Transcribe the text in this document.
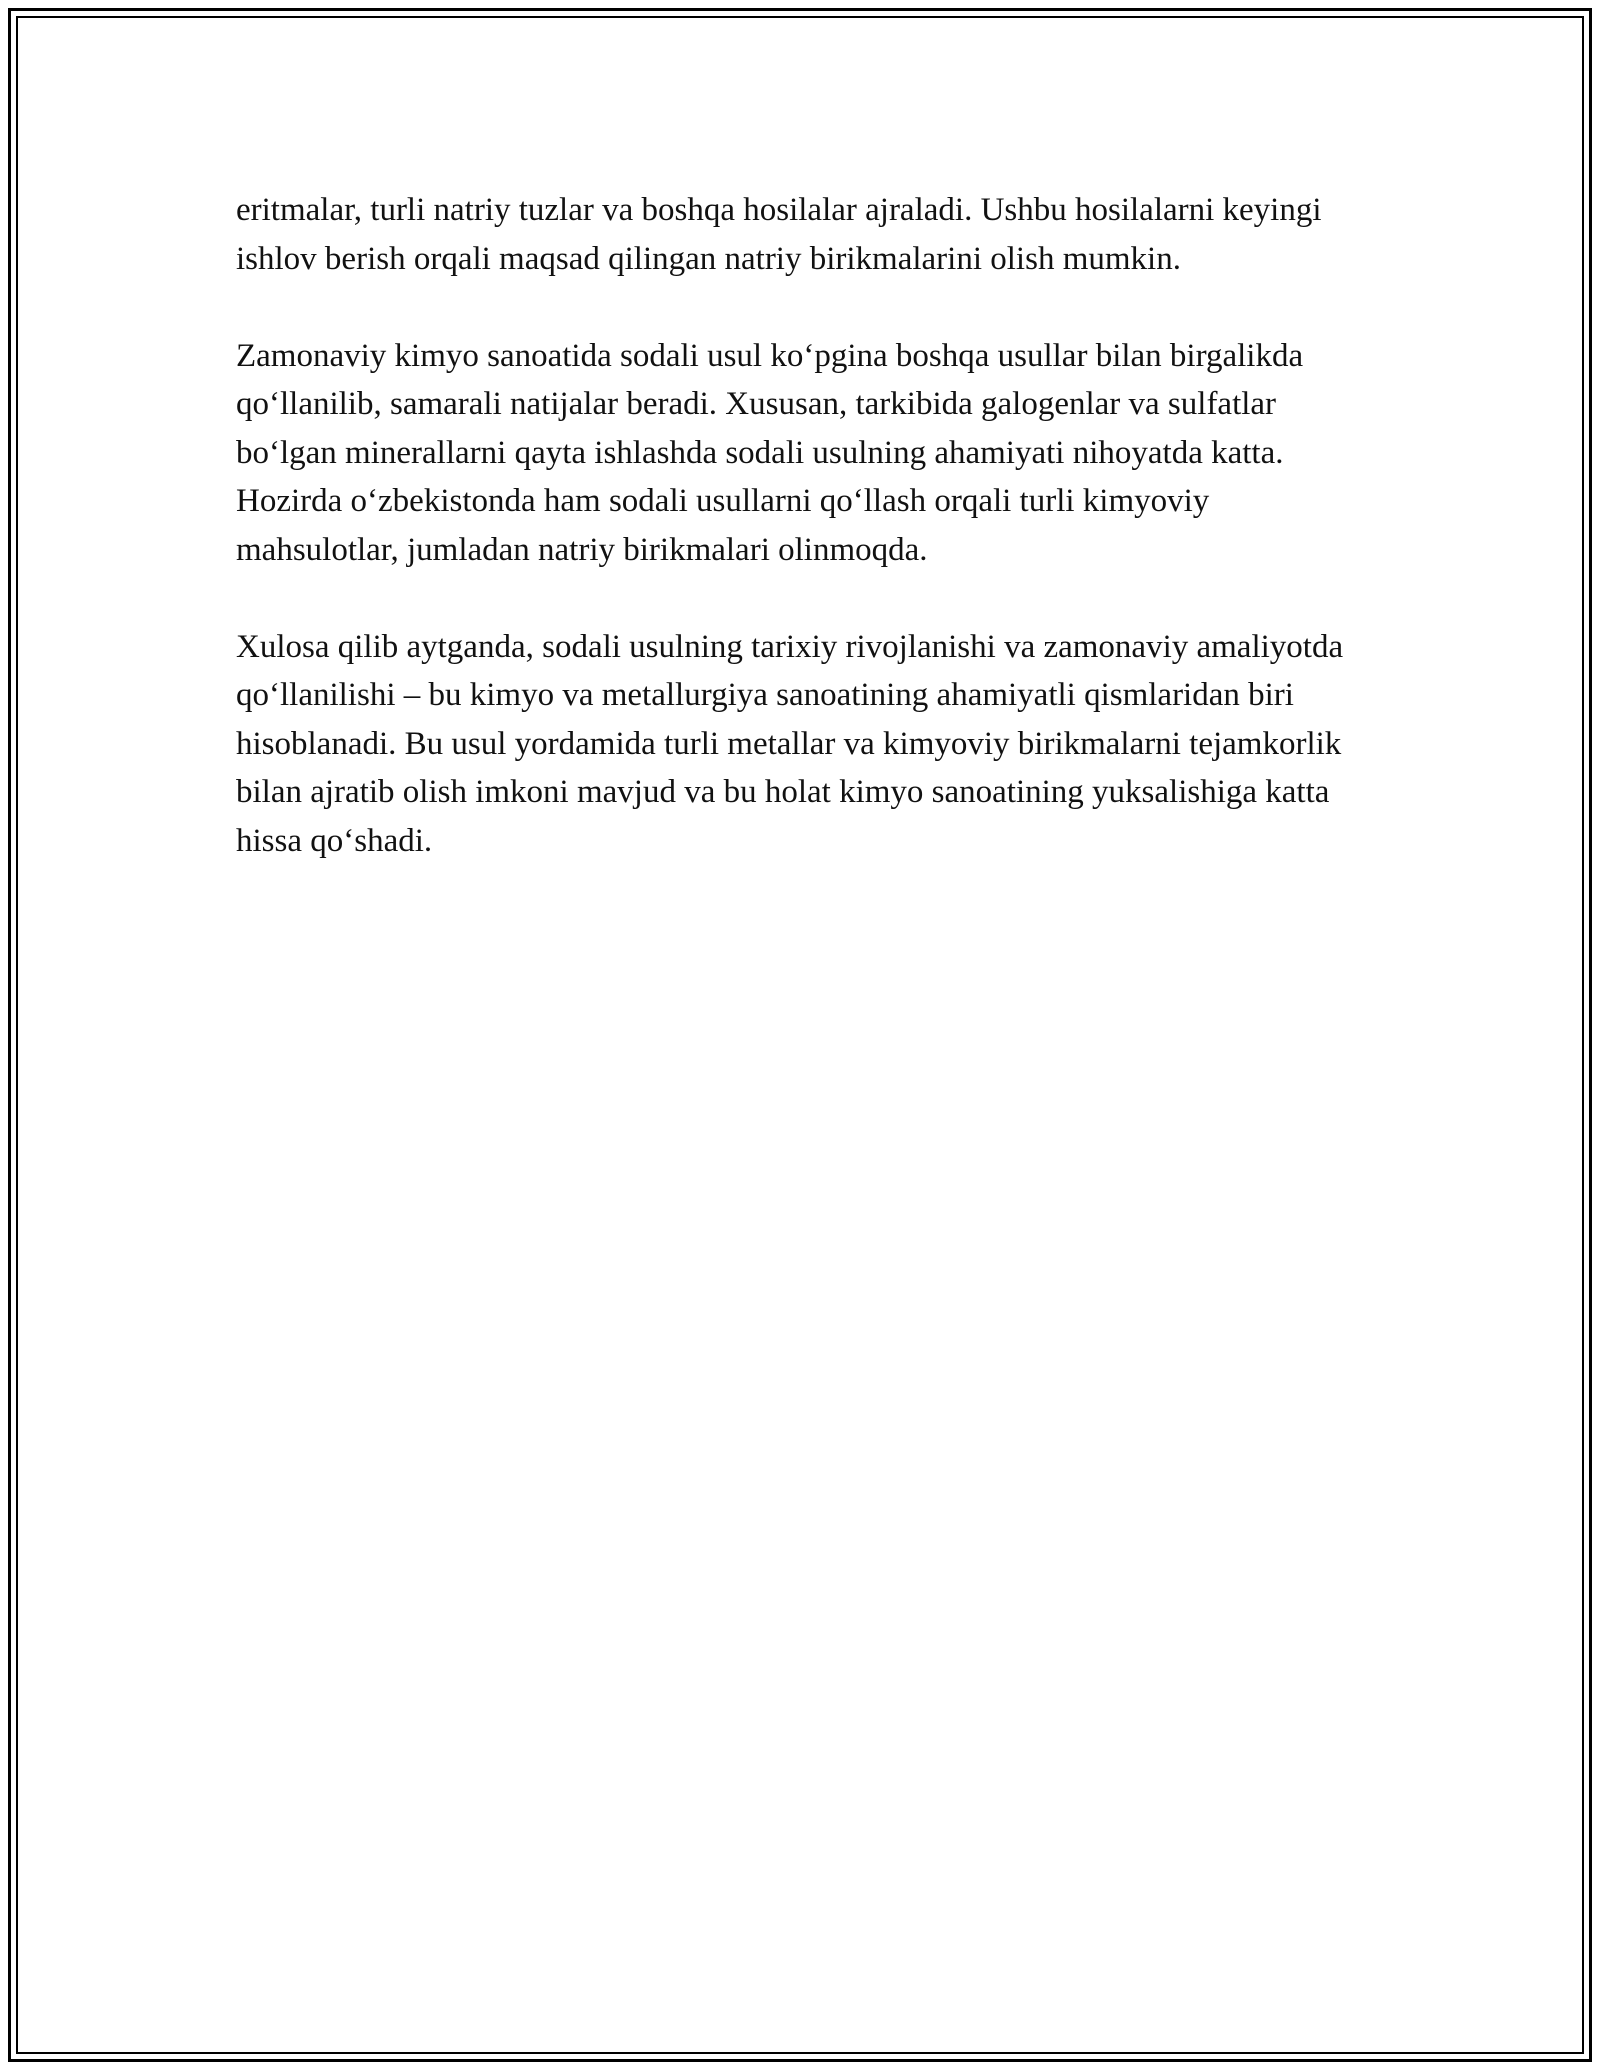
eritmalar, turli natriy tuzlar va boshqa hosilalar ajraladi. Ushbu hosilalarni keyingi ishlov berish orqali maqsad qilingan natriy birikmalarini olish mumkin.

Zamonaviy kimyo sanoatida sodali usul ko‘pgina boshqa usullar bilan birgalikda qo‘llanilib, samarali natijalar beradi. Xususan, tarkibida galogenlar va sulfatlar bo‘lgan minerallarni qayta ishlashda sodali usulning ahamiyati nihoyatda katta. Hozirda o‘zbekistonda ham sodali usullarni qo‘llash orqali turli kimyoviy mahsulotlar, jumladan natriy birikmalari olinmoqda.

Xulosa qilib aytganda, sodali usulning tarixiy rivojlanishi va zamonaviy amaliyotda qo‘llanilishi – bu kimyo va metallurgiya sanoatining ahamiyatli qismlaridan biri hisoblanadi. Bu usul yordamida turli metallar va kimyoviy birikmalarni tejamkorlik bilan ajratib olish imkoni mavjud va bu holat kimyo sanoatining yuksalishiga katta hissa qo‘shadi.
